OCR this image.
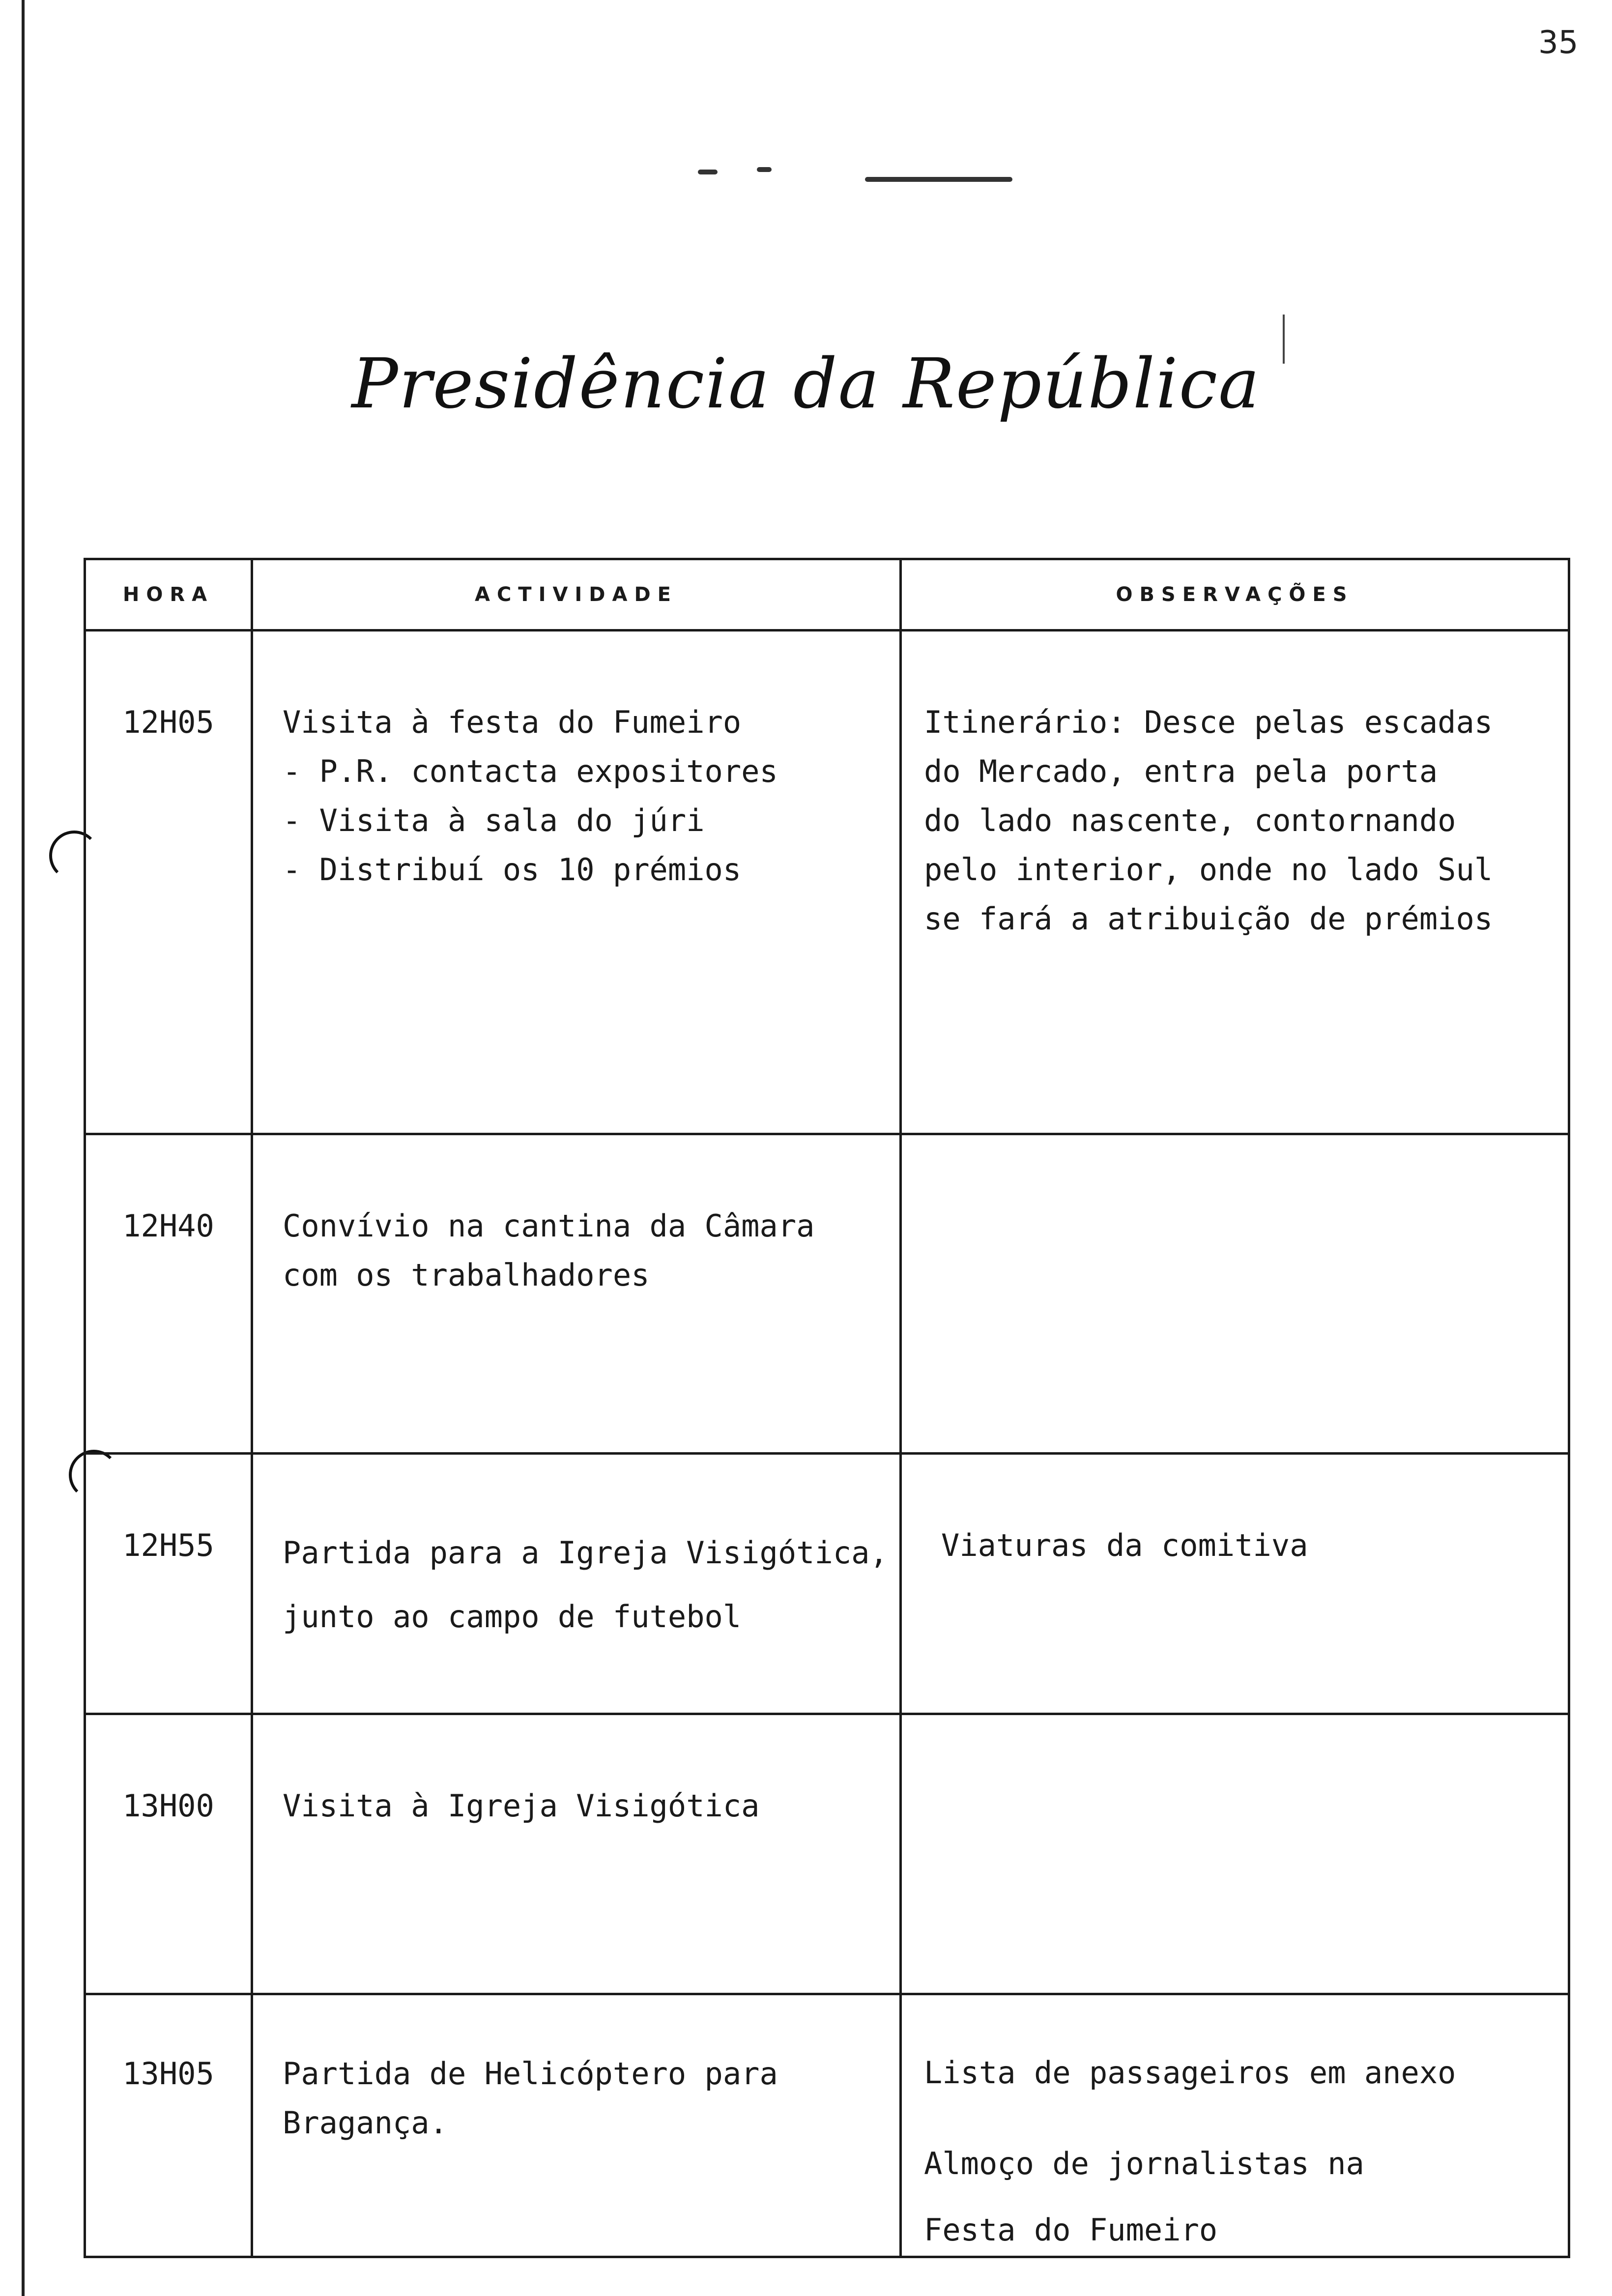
35
Presidência da República
HORA	ACTIVIDADE	OBSERVAÇÕES

12H05	Visita à festa do Fumeiro
- P.R. contacta expositores
- Visita à sala do júri
- Distribuí os 10 prémios	Itinerário: Desce pelas escadas
do Mercado, entra pela porta
do lado nascente, contornando
pelo interior, onde no lado Sul
se fará a atribuição de prémios

12H40	Convívio na cantina da Câmara
com os trabalhadores	

12H55	Partida para a Igreja Visigótica,
junto ao campo de futebol	Viaturas da comitiva

13H00	Visita à Igreja Visigótica	

13H05	Partida de Helicóptero para
Bragança.	Lista de passageiros em anexo
Almoço de jornalistas na
Festa do Fumeiro
